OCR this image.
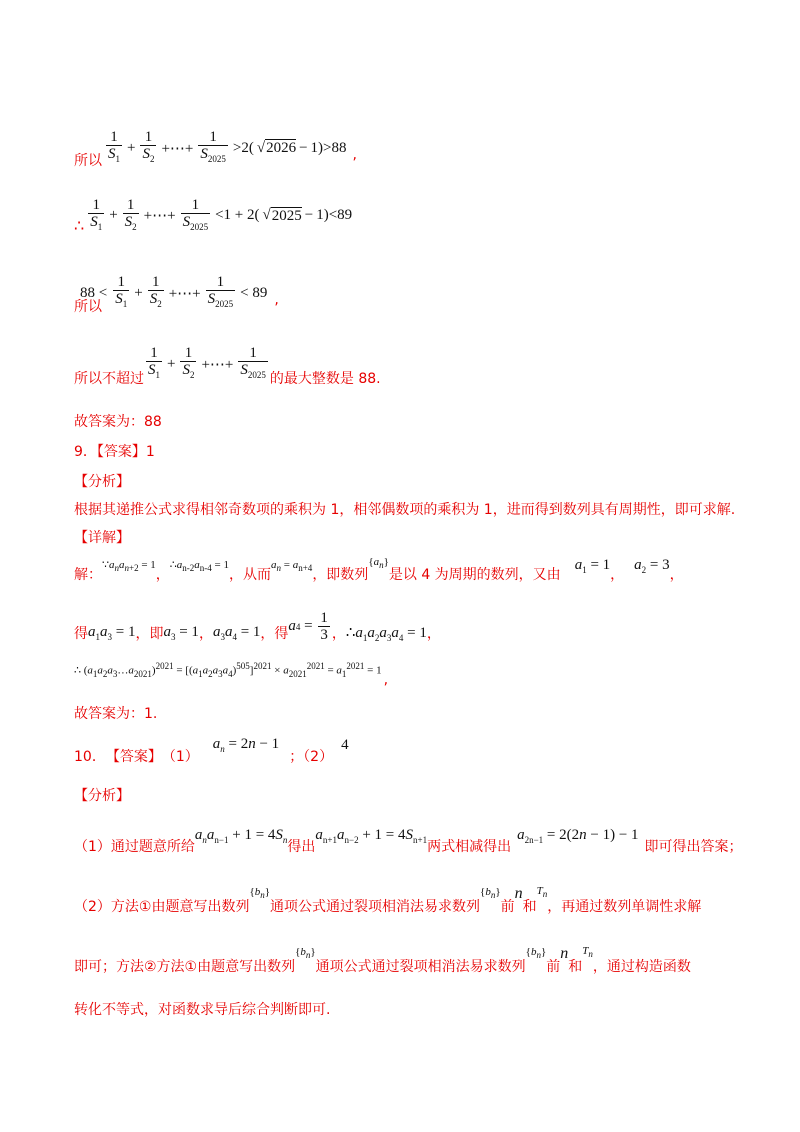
所以 $\frac{1}{S_1} + \frac{1}{S_2}$ +⋯+ $\frac{1}{S_{2025}} >2$( √ 2026  − 1)>88 ,
∴ $\frac{1}{S_1} + \frac{1}{S_2}$ +⋯+ $\frac{1}{S_{2025}} <1 + 2$( √ 2025  − 1)<89
所以
$88 < \frac{1}{S_1} + \frac{1}{S_2}$ +⋯+ $\frac{1}{S_{2025}} < 89$ ,
所以不超过 $\frac{1}{S_1} + \frac{1}{S_2}$ +⋯+ $\frac{1}{S_{2025}}$ 的最大整数是 88.
故答案为：88
9．【答案】1
【分析】
根据其递推公式求得相邻奇数项的乘积为 1，相邻偶数项的乘积为 1，进而得到数列具有周期性，即可求解.
【详解】
解：
$\because a_na_{n+2} = 1$
，
$\therefore a_{n-2}a_{n-4} = 1$
，从而
$a_n = a_{n+4}$ ，即数列
$\{a_n\}$
是以 4 为周期的数列，又由
$a_1 = 1$
，
$a_2 = 3$
，
得 $a_1a_3 = 1$ ，即 $a_3 = 1$ ， $a_3a_4 = 1$ ，得 a $4 = \frac{1}{3}$ ， $\therefore a_1a_2a_3a_4 = 1$ ，
∴ $(a_1a_2a_3\dots a_{2021})^{2021} = [(a_1a_2a_3a_4)^{505}]^{2021} \times a_{2021}^{2021} = a_1^{2021} = 1$
,
故答案为：1.
10． 【答案】 （1）
$a_n = 2n - 1$
；（2）
4
【分析】
（1）通过题意所给
$a_na_{n-1} + 1 = 4S_n$ 得出
$a_{n+1}a_{n-2} + 1 = 4S_{n+1}$ 两式相减得出
$a_{2n-1} = 2(2n - 1) - 1$
即可得出答案；
（2）方法①由题意写出数列
$\{b_n\}$
通项公式通过裂项相消法易求数列
$\{b_n\}$
前
n
和
$T_n$
，再通过数列单调性求解
即可；方法②方法①由题意写出数列
$\{b_n\}$
通项公式通过裂项相消法易求数列
$\{b_n\}$
前
n
和
$T_n$
，通过构造函数
转化不等式，对函数求导后综合判断即可.
